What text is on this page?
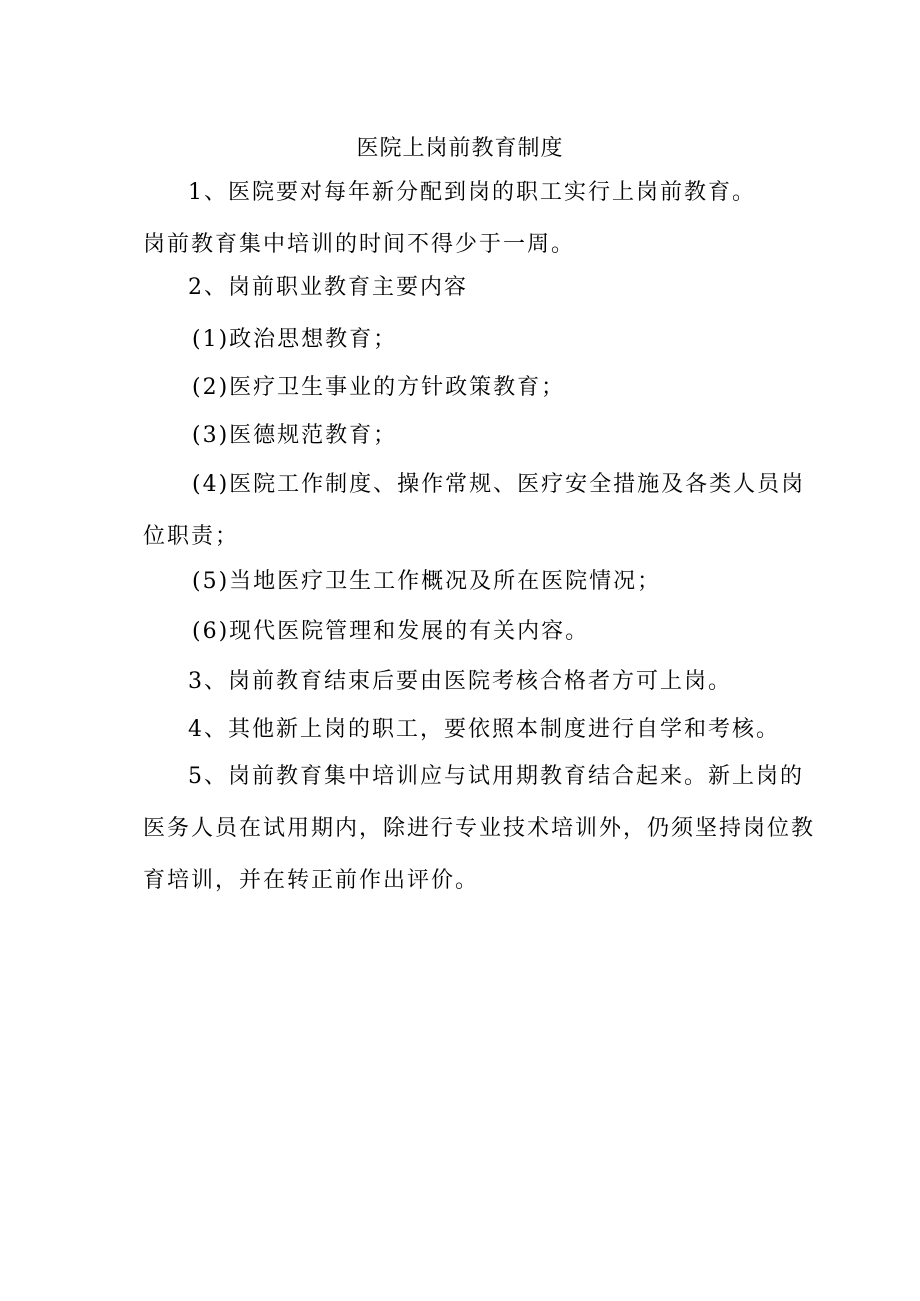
医院上岗前教育制度
1、医院要对每年新分配到岗的职工实行上岗前教育。
岗前教育集中培训的时间不得少于一周。
2、岗前职业教育主要内容
(1)政治思想教育；
(2)医疗卫生事业的方针政策教育；
(3)医德规范教育；
(4)医院工作制度、操作常规、医疗安全措施及各类人员岗
位职责；
(5)当地医疗卫生工作概况及所在医院情况；
(6)现代医院管理和发展的有关内容。
3、岗前教育结束后要由医院考核合格者方可上岗。
4、其他新上岗的职工，要依照本制度进行自学和考核。
5、岗前教育集中培训应与试用期教育结合起来。新上岗的
医务人员在试用期内，除进行专业技术培训外，仍须坚持岗位教
育培训，并在转正前作出评价。
